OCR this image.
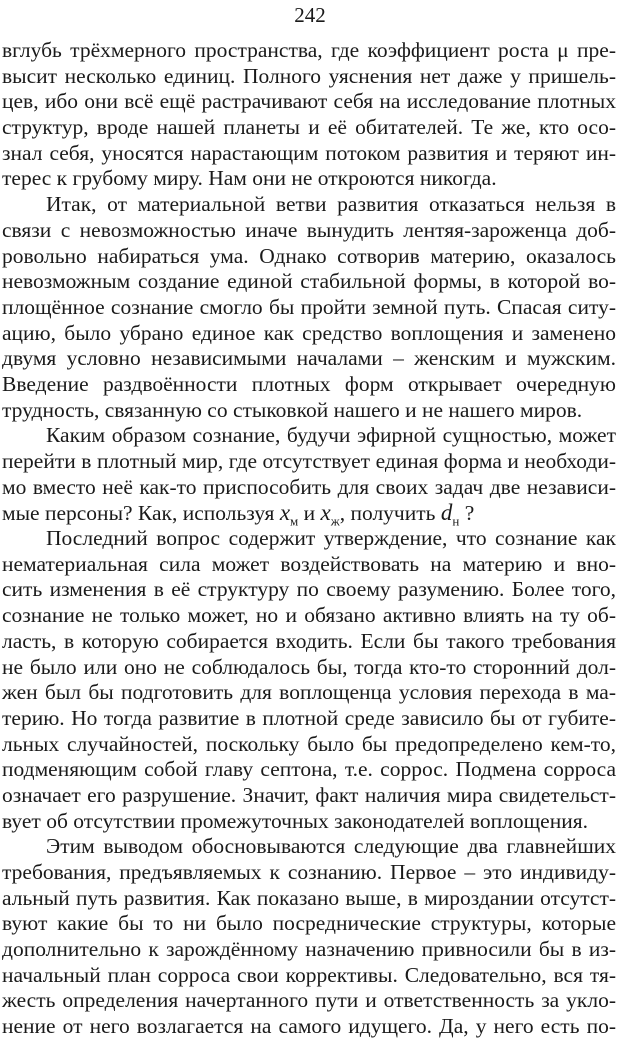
242
вглубь трёхмерного пространства, где коэффициент роста μ пре-
высит несколько единиц. Полного уяснения нет даже у пришель-
цев, ибо они всё ещё растрачивают себя на исследование плотных
структур, вроде нашей планеты и её обитателей. Те же, кто осо-
знал себя, уносятся нарастающим потоком развития и теряют ин-
терес к грубому миру. Нам они не откроются никогда.
Итак, от материальной ветви развития отказаться нельзя в
связи с невозможностью иначе вынудить лентяя-зароженца доб-
ровольно набираться ума. Однако сотворив материю, оказалось
невозможным создание единой стабильной формы, в которой во-
площённое сознание смогло бы пройти земной путь. Спасая ситу-
ацию, было убрано единое как средство воплощения и заменено
двумя условно независимыми началами – женским и мужским.
Введение раздвоённости плотных форм открывает очередную
трудность, связанную со стыковкой нашего и не нашего миров.
Каким образом сознание, будучи эфирной сущностью, может
перейти в плотный мир, где отсутствует единая форма и необходи-
мо вместо неё как-то приспособить для своих задач две независи-
мые персоны? Как, используя $x_м$ и $x_ж$, получить $d_н$ ?
Последний вопрос содержит утверждение, что сознание как
нематериальная сила может воздействовать на материю и вно-
сить изменения в её структуру по своему разумению. Более того,
сознание не только может, но и обязано активно влиять на ту об-
ласть, в которую собирается входить. Если бы такого требования
не было или оно не соблюдалось бы, тогда кто-то сторонний дол-
жен был бы подготовить для воплощенца условия перехода в ма-
терию. Но тогда развитие в плотной среде зависило бы от губите-
льных случайностей, поскольку было бы предопределено кем-то,
подменяющим собой главу септона, т.е. соррос. Подмена сорроса
означает его разрушение. Значит, факт наличия мира свидетельст-
вует об отсутствии промежуточных законодателей воплощения.
Этим выводом обосновываются следующие два главнейших
требования, предъявляемых к сознанию. Первое – это индивиду-
альный путь развития. Как показано выше, в мироздании отсутст-
вуют какие бы то ни было посреднические структуры, которые
дополнительно к зарождённому назначению привносили бы в из-
начальный план сорроса свои коррективы. Следовательно, вся тя-
жесть определения начертанного пути и ответственность за укло-
нение от него возлагается на самого идущего. Да, у него есть по-
